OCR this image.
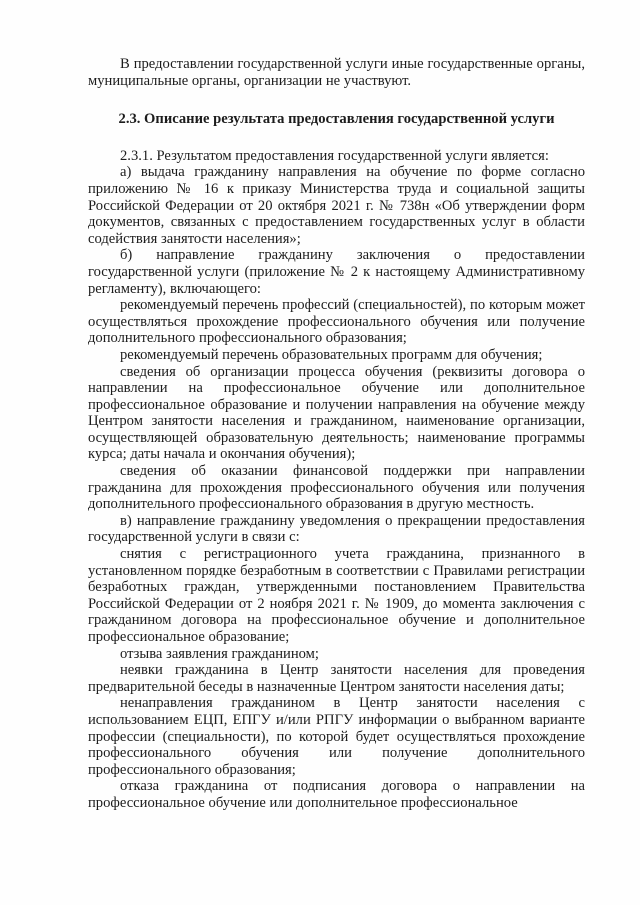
В предоставлении государственной услуги иные государственные органы, муниципальные органы, организации не участвуют.

2.3. Описание результата предоставления государственной услуги

2.3.1. Результатом предоставления государственной услуги является:

а) выдача гражданину направления на обучение по форме согласно приложению № 16 к приказу Министерства труда и социальной защиты Российской Федерации от 20 октября 2021 г. № 738н «Об утверждении форм документов, связанных с предоставлением государственных услуг в области содействия занятости населения»;

б) направление гражданину заключения о предоставлении государственной услуги (приложение № 2 к настоящему Административному регламенту), включающего:

рекомендуемый перечень профессий (специальностей), по которым может осуществляться прохождение профессионального обучения или получение дополнительного профессионального образования;

рекомендуемый перечень образовательных программ для обучения;

сведения об организации процесса обучения (реквизиты договора о направлении на профессиональное обучение или дополнительное профессиональное образование и получении направления на обучение между Центром занятости населения и гражданином, наименование организации, осуществляющей образовательную деятельность; наименование программы курса; даты начала и окончания обучения);

сведения об оказании финансовой поддержки при направлении гражданина для прохождения профессионального обучения или получения дополнительного профессионального образования в другую местность.

в) направление гражданину уведомления о прекращении предоставления государственной услуги в связи с:

снятия с регистрационного учета гражданина, признанного в установленном порядке безработным в соответствии с Правилами регистрации безработных граждан, утвержденными постановлением Правительства Российской Федерации от 2 ноября 2021 г. № 1909, до момента заключения с гражданином договора на профессиональное обучение и дополнительное профессиональное образование;

отзыва заявления гражданином;

неявки гражданина в Центр занятости населения для проведения предварительной беседы в назначенные Центром занятости населения даты;

ненаправления гражданином в Центр занятости населения с использованием ЕЦП, ЕПГУ и/или РПГУ информации о выбранном варианте профессии (специальности), по которой будет осуществляться прохождение профессионального обучения или получение дополнительного профессионального образования;

отказа гражданина от подписания договора о направлении на профессиональное обучение или дополнительное профессиональное
